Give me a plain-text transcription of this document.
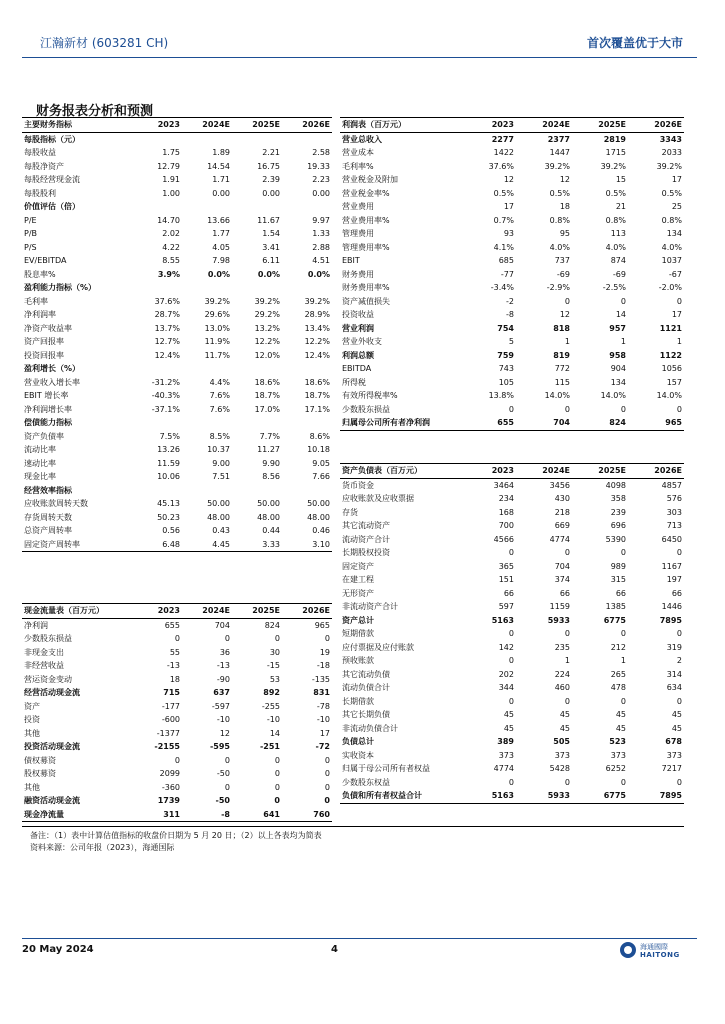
江瀚新材 (603281 CH)	首次覆盖优于大市
财务报表分析和预测
主要财务指标	2023	2024E	2025E	2026E
每股指标（元）				
每股收益	1.75	1.89	2.21	2.58
每股净资产	12.79	14.54	16.75	19.33
每股经营现金流	1.91	1.71	2.39	2.23
每股股利	1.00	0.00	0.00	0.00
价值评估（倍）				
P/E	14.70	13.66	11.67	9.97
P/B	2.02	1.77	1.54	1.33
P/S	4.22	4.05	3.41	2.88
EV/EBITDA	8.55	7.98	6.11	4.51
股息率%	3.9%	0.0%	0.0%	0.0%
盈利能力指标（%）				
毛利率	37.6%	39.2%	39.2%	39.2%
净利润率	28.7%	29.6%	29.2%	28.9%
净资产收益率	13.7%	13.0%	13.2%	13.4%
资产回报率	12.7%	11.9%	12.2%	12.2%
投资回报率	12.4%	11.7%	12.0%	12.4%
盈利增长（%）				
营业收入增长率	-31.2%	4.4%	18.6%	18.6%
EBIT 增长率	-40.3%	7.6%	18.7%	18.7%
净利润增长率	-37.1%	7.6%	17.0%	17.1%
偿债能力指标				
资产负债率	7.5%	8.5%	7.7%	8.6%
流动比率	13.26	10.37	11.27	10.18
速动比率	11.59	9.00	9.90	9.05
现金比率	10.06	7.51	8.56	7.66
经营效率指标				
应收账款周转天数	45.13	50.00	50.00	50.00
存货周转天数	50.23	48.00	48.00	48.00
总资产周转率	0.56	0.43	0.44	0.46
固定资产周转率	6.48	4.45	3.33	3.10
利润表（百万元）	2023	2024E	2025E	2026E
营业总收入	2277	2377	2819	3343
营业成本	1422	1447	1715	2033
毛利率%	37.6%	39.2%	39.2%	39.2%
营业税金及附加	12	12	15	17
营业税金率%	0.5%	0.5%	0.5%	0.5%
营业费用	17	18	21	25
营业费用率%	0.7%	0.8%	0.8%	0.8%
管理费用	93	95	113	134
管理费用率%	4.1%	4.0%	4.0%	4.0%
EBIT	685	737	874	1037
财务费用	-77	-69	-69	-67
财务费用率%	-3.4%	-2.9%	-2.5%	-2.0%
资产减值损失	-2	0	0	0
投资收益	-8	12	14	17
营业利润	754	818	957	1121
营业外收支	5	1	1	1
利润总额	759	819	958	1122
EBITDA	743	772	904	1056
所得税	105	115	134	157
有效所得税率%	13.8%	14.0%	14.0%	14.0%
少数股东损益	0	0	0	0
归属母公司所有者净利润	655	704	824	965
资产负债表（百万元）	2023	2024E	2025E	2026E
货币资金	3464	3456	4098	4857
应收账款及应收票据	234	430	358	576
存货	168	218	239	303
其它流动资产	700	669	696	713
流动资产合计	4566	4774	5390	6450
长期股权投资	0	0	0	0
固定资产	365	704	989	1167
在建工程	151	374	315	197
无形资产	66	66	66	66
非流动资产合计	597	1159	1385	1446
资产总计	5163	5933	6775	7895
短期借款	0	0	0	0
应付票据及应付账款	142	235	212	319
预收账款	0	1	1	2
其它流动负债	202	224	265	314
流动负债合计	344	460	478	634
长期借款	0	0	0	0
其它长期负债	45	45	45	45
非流动负债合计	45	45	45	45
负债总计	389	505	523	678
实收资本	373	373	373	373
归属于母公司所有者权益	4774	5428	6252	7217
少数股东权益	0	0	0	0
负债和所有者权益合计	5163	5933	6775	7895
现金流量表（百万元）	2023	2024E	2025E	2026E
净利润	655	704	824	965
少数股东损益	0	0	0	0
非现金支出	55	36	30	19
非经营收益	-13	-13	-15	-18
营运资金变动	18	-90	53	-135
经营活动现金流	715	637	892	831
资产	-177	-597	-255	-78
投资	-600	-10	-10	-10
其他	-1377	12	14	17
投资活动现金流	-2155	-595	-251	-72
债权募资	0	0	0	0
股权募资	2099	-50	0	0
其他	-360	0	0	0
融资活动现金流	1739	-50	0	0
现金净流量	311	-8	641	760
备注：（1）表中计算估值指标的收盘价日期为 5 月 20 日；（2）以上各表均为简表
资料来源：公司年报（2023），海通国际
20 May 2024	4	海通國際
HAITONG
